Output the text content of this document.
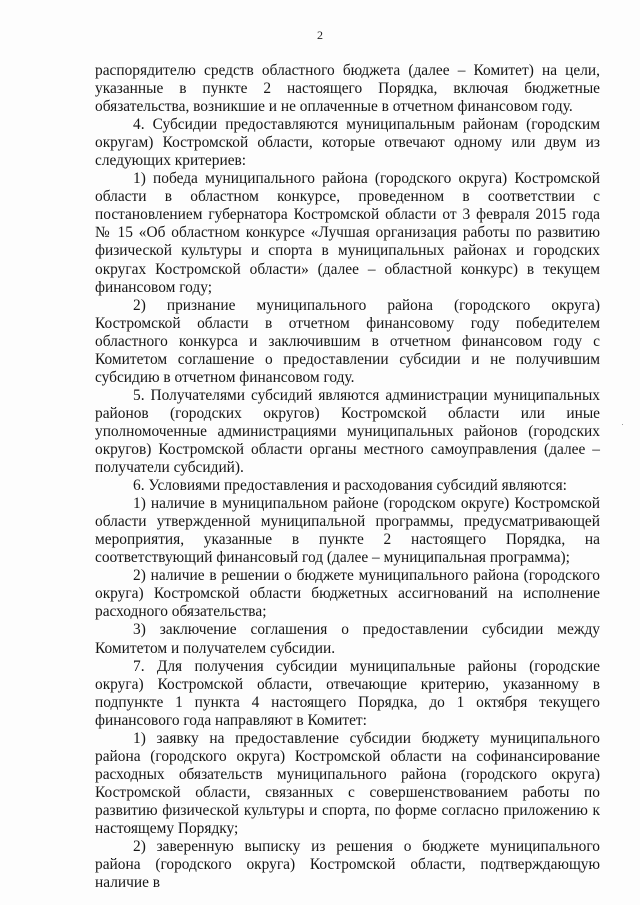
2

распорядителю средств областного бюджета (далее – Комитет) на цели, указанные в пункте 2 настоящего Порядка, включая бюджетные обязательства, возникшие и не оплаченные в отчетном финансовом году.

4. Субсидии предоставляются муниципальным районам (городским округам) Костромской области, которые отвечают одному или двум из следующих критериев:

1) победа муниципального района (городского округа) Костромской области в областном конкурсе, проведенном в соответствии с постановлением губернатора Костромской области от 3 февраля 2015 года № 15 «Об областном конкурсе «Лучшая организация работы по развитию физической культуры и спорта в муниципальных районах и городских округах Костромской области» (далее – областной конкурс) в текущем финансовом году;

2) признание муниципального района (городского округа) Костромской области в отчетном финансовому году победителем областного конкурса и заключившим в отчетном финансовом году с Комитетом соглашение о предоставлении субсидии и не получившим субсидию в отчетном финансовом году.

5. Получателями субсидий являются администрации муниципальных районов (городских округов) Костромской области или иные уполномоченные администрациями муниципальных районов (городских округов) Костромской области органы местного самоуправления (далее – получатели субсидий).

6. Условиями предоставления и расходования субсидий являются:

1) наличие в муниципальном районе (городском округе) Костромской области утвержденной муниципальной программы, предусматривающей мероприятия, указанные в пункте 2 настоящего Порядка, на соответствующий финансовый год (далее – муниципальная программа);

2) наличие в решении о бюджете муниципального района (городского округа) Костромской области бюджетных ассигнований на исполнение расходного обязательства;

3) заключение соглашения о предоставлении субсидии между Комитетом и получателем субсидии.

7. Для получения субсидии муниципальные районы (городские округа) Костромской области, отвечающие критерию, указанному в подпункте 1 пункта 4 настоящего Порядка, до 1 октября текущего финансового года направляют в Комитет:

1) заявку на предоставление субсидии бюджету муниципального района (городского округа) Костромской области на софинансирование расходных обязательств муниципального района (городского округа) Костромской области, связанных с совершенствованием работы по развитию физической культуры и спорта, по форме согласно приложению к настоящему Порядку;

2) заверенную выписку из решения о бюджете муниципального района (городского округа) Костромской области, подтверждающую наличие в
